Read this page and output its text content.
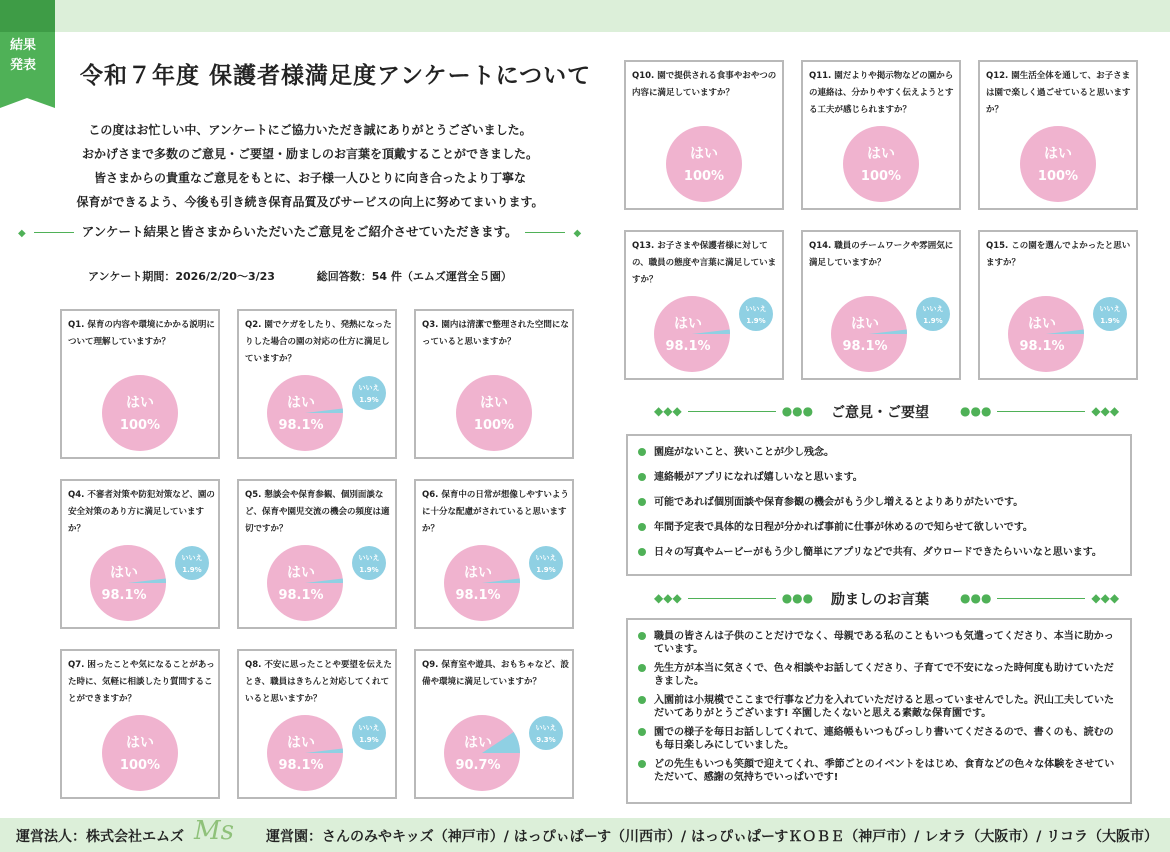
結果
発表	令和７年度 保護者様満足度アンケートについて
この度はお忙しい中、アンケートにご協力いただき誠にありがとうございました。
おかげさまで多数のご意見・ご要望・励ましのお言葉を頂戴することができました。
皆さまからの貴重なご意見をもとに、お子様一人ひとりに向き合ったより丁寧な
保育ができるよう、今後も引き続き保育品質及びサービスの向上に努めてまいります。
◆	アンケート結果と皆さまからいただいたご意見をご紹介させていただきます。	◆
アンケート期間：2026/2/20～3/23	総回答数：54 件（エムズ運営全５園）
Q1. 保育の内容や環境にかかる説明について理解していますか？
はい
100%
Q2. 園でケガをしたり、発熱になったりした場合の園の対応の仕方に満足していますか？
いいえ
1.9%
はい
98.1%
Q3. 園内は清潔で整理された空間になっていると思いますか？
はい
100%
Q4. 不審者対策や防犯対策など、園の安全対策のあり方に満足していますか？
いいえ
1.9%
はい
98.1%
Q5. 懇談会や保育参観、個別面談など、保育や園児交流の機会の頻度は適切ですか？
いいえ
1.9%
はい
98.1%
Q6. 保育中の日常が想像しやすいように十分な配慮がされていると思いますか？
いいえ
1.9%
はい
98.1%
Q7. 困ったことや気になることがあった時に、気軽に相談したり質問することができますか？
はい
100%
Q8. 不安に思ったことや要望を伝えたとき、職員はきちんと対応してくれていると思いますか？
いいえ
1.9%
はい
98.1%
Q9. 保育室や遊具、おもちゃなど、設備や環境に満足していますか？
いいえ
9.3%
はい
90.7%
Q10. 園で提供される食事やおやつの内容に満足していますか？
はい
100%
Q11. 園だよりや掲示物などの園からの連絡は、分かりやすく伝えようとする工夫が感じられますか？
はい
100%
Q12. 園生活全体を通して、お子さまは園で楽しく過ごせていると思いますか？
はい
100%
Q13. お子さまや保護者様に対しての、職員の態度や言葉に満足していますか？
いいえ
1.9%
はい
98.1%
Q14. 職員のチームワークや雰囲気に満足していますか？
いいえ
1.9%
はい
98.1%
Q15. この園を選んでよかったと思いますか？
いいえ
1.9%
はい
98.1%
◆◆◆	●●●	ご意見・ご要望	●●●	◆◆◆
園庭がないこと、狭いことが少し残念。
連絡帳がアプリになれば嬉しいなと思います。
可能であれば個別面談や保育参観の機会がもう少し増えるとよりありがたいです。
年間予定表で具体的な日程が分かれば事前に仕事が休めるので知らせて欲しいです。
日々の写真やムービーがもう少し簡単にアプリなどで共有、ダウロードできたらいいなと思います。
◆◆◆	●●●	励ましのお言葉	●●●	◆◆◆
職員の皆さんは子供のことだけでなく、母親である私のこともいつも気遣ってくださり、本当に助かっています。
先生方が本当に気さくで、色々相談やお話してくださり、子育てで不安になった時何度も助けていただきました。
入園前は小規模でここまで行事など力を入れていただけると思っていませんでした。沢山工夫していただいてありがとうございます! 卒園したくないと思える素敵な保育園です。
園での様子を毎日お話ししてくれて、連絡帳もいつもびっしり書いてくださるので、書くのも、読むのも毎日楽しみにしていました。
どの先生もいつも笑顔で迎えてくれ、季節ごとのイベントをはじめ、食育などの色々な体験をさせていただいて、感謝の気持ちでいっぱいです!
運営法人：株式会社エムズ Ms 運営園：さんのみやキッズ（神戸市）/ はっぴぃぱーす（川西市）/ はっぴぃぱーすＫＯＢＥ（神戸市）/ レオラ（大阪市）/ リコラ（大阪市）
